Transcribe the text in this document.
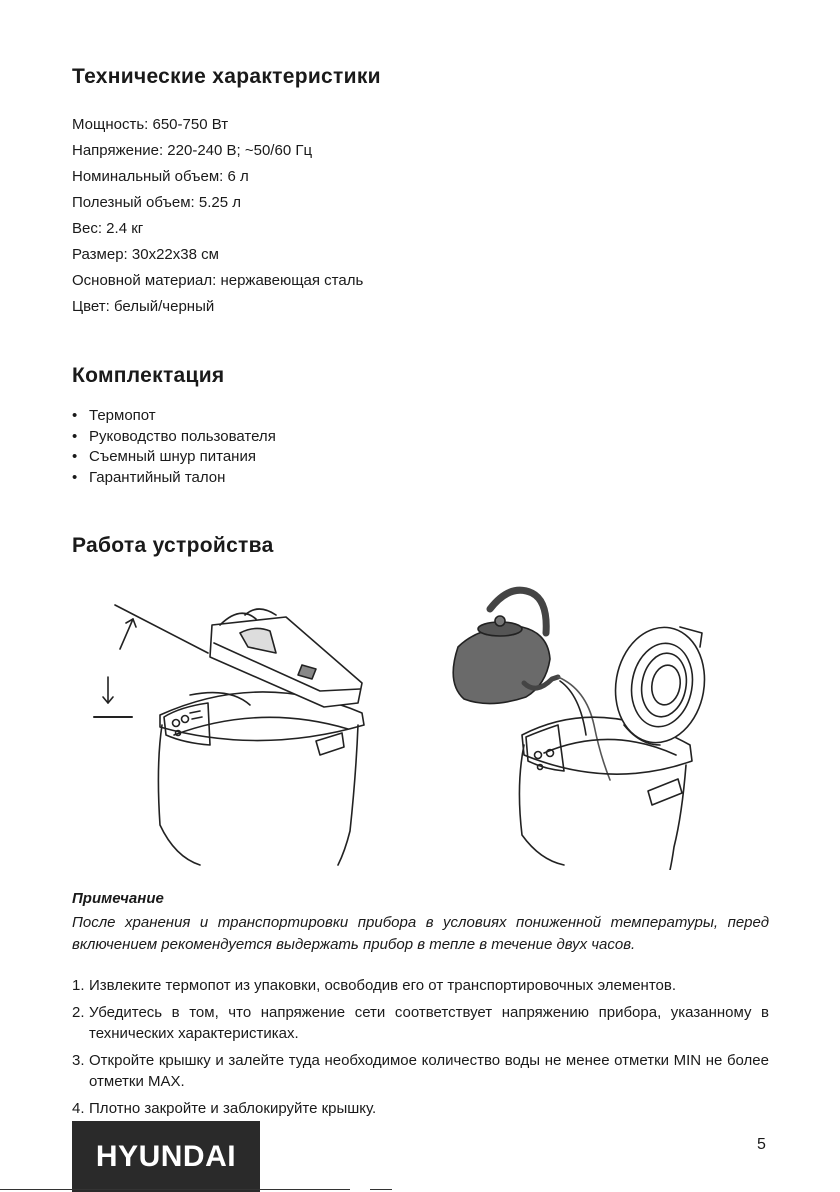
Технические характеристики
Мощность: 650-750 Вт
Напряжение: 220-240 В; ~50/60 Гц
Номинальный объем: 6 л
Полезный объем: 5.25 л
Вес: 2.4 кг
Размер: 30х22х38 см
Основной материал: нержавеющая сталь
Цвет: белый/черный
Комплектация
• Термопот
• Руководство пользователя
• Съемный шнур питания
• Гарантийный талон
Работа устройства
Примечание
После хранения и транспортировки прибора в условиях пониженной температуры, перед включением рекомендуется выдержать прибор в тепле в течение двух часов.
1. Извлеките термопот из упаковки, освободив его от транспортировочных элементов.
2. Убедитесь в том, что напряжение сети соответствует напряжению прибора, указанному в технических характеристиках.
3. Откройте крышку и залейте туда необходимое количество воды не менее отметки MIN не более отметки MAX.
4. Плотно закройте и заблокируйте крышку.
HYUNDAI	5
